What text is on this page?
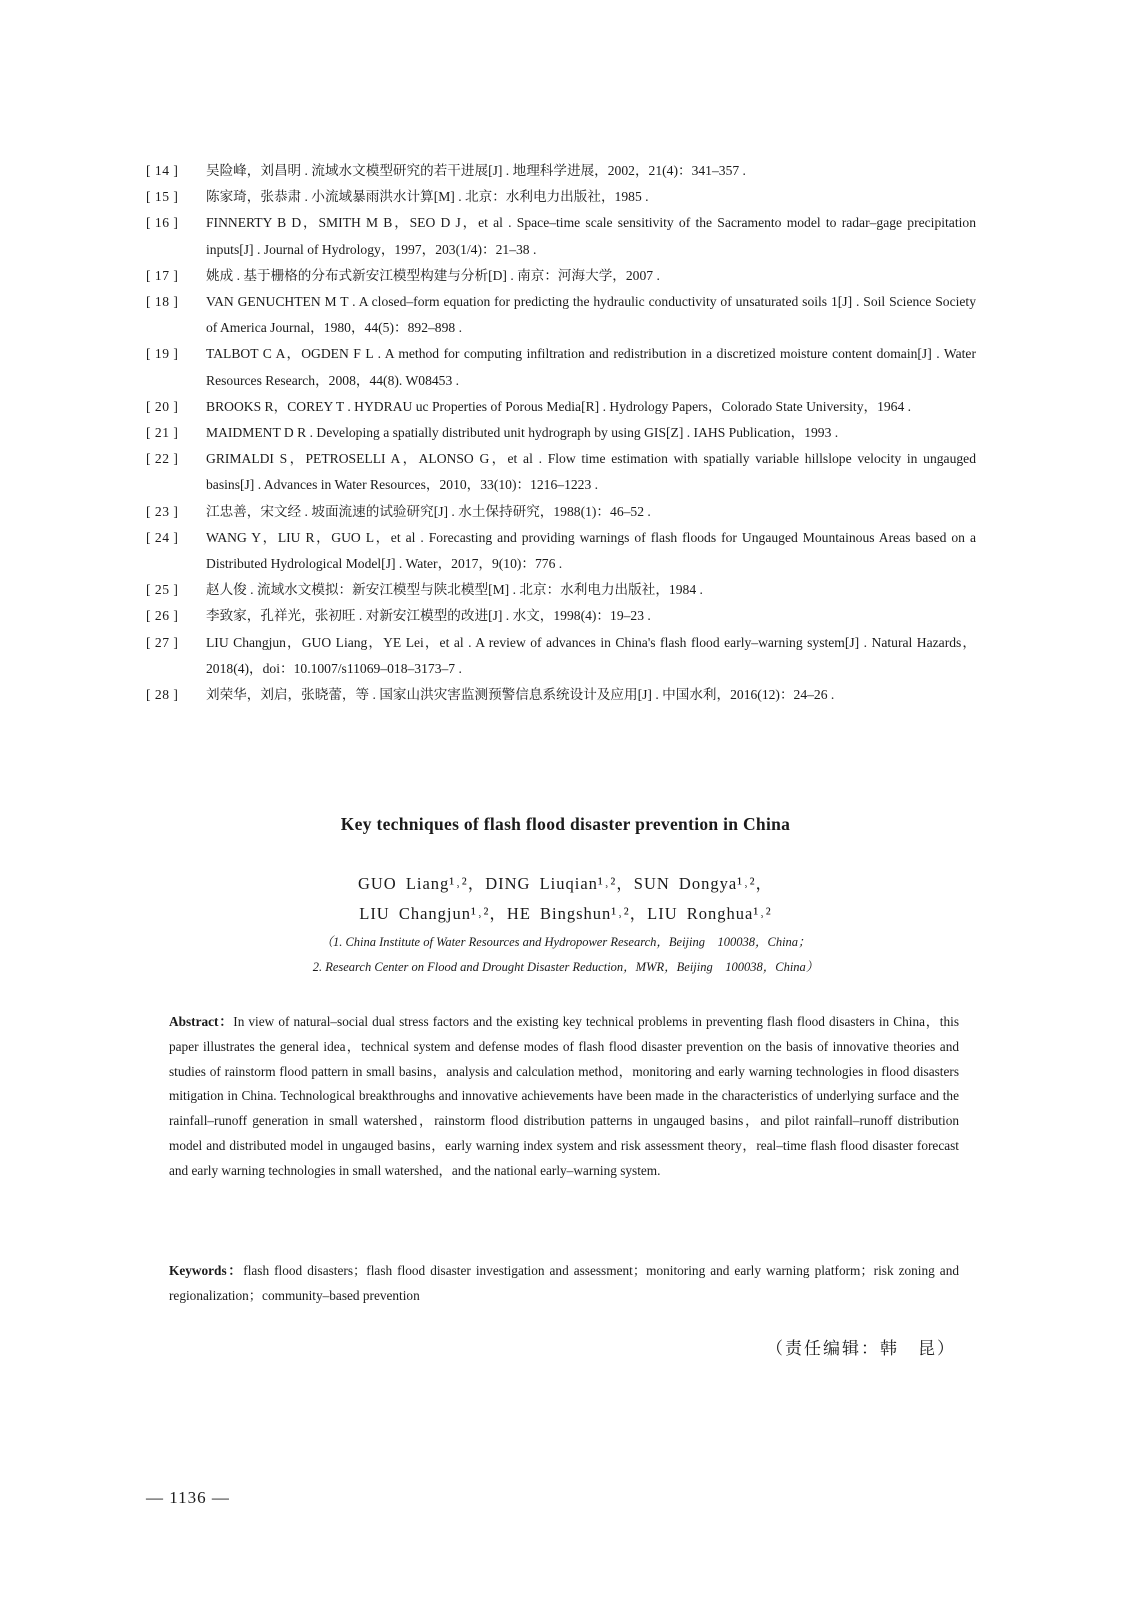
[ 14 ]	吴险峰，刘昌明 . 流域水文模型研究的若干进展[J] . 地理科学进展，2002，21(4)：341–357 .
[ 15 ]	陈家琦，张恭肃 . 小流域暴雨洪水计算[M] . 北京：水利电力出版社，1985 .
[ 16 ]	FINNERTY B D，SMITH M B，SEO D J，et al . Space–time scale sensitivity of the Sacramento model to radar–gage precipitation inputs[J] . Journal of Hydrology，1997，203(1/4)：21–38 .
[ 17 ]	姚成 . 基于栅格的分布式新安江模型构建与分析[D] . 南京：河海大学，2007 .
[ 18 ]	VAN GENUCHTEN M T . A closed–form equation for predicting the hydraulic conductivity of unsaturated soils 1[J] . Soil Science Society of America Journal，1980，44(5)：892–898 .
[ 19 ]	TALBOT C A，OGDEN F L . A method for computing infiltration and redistribution in a discretized moisture content domain[J] . Water Resources Research，2008，44(8). W08453 .
[ 20 ]	BROOKS R，COREY T . HYDRAU uc Properties of Porous Media[R] . Hydrology Papers，Colorado State University，1964 .
[ 21 ]	MAIDMENT D R . Developing a spatially distributed unit hydrograph by using GIS[Z] . IAHS Publication，1993 .
[ 22 ]	GRIMALDI S，PETROSELLI A，ALONSO G，et al . Flow time estimation with spatially variable hillslope velocity in ungauged basins[J] . Advances in Water Resources，2010，33(10)：1216–1223 .
[ 23 ]	江忠善，宋文经 . 坡面流速的试验研究[J] . 水土保持研究，1988(1)：46–52 .
[ 24 ]	WANG Y，LIU R，GUO L，et al . Forecasting and providing warnings of flash floods for Ungauged Mountainous Areas based on a Distributed Hydrological Model[J] . Water，2017，9(10)：776 .
[ 25 ]	赵人俊 . 流域水文模拟：新安江模型与陕北模型[M] . 北京：水利电力出版社，1984 .
[ 26 ]	李致家，孔祥光，张初旺 . 对新安江模型的改进[J] . 水文，1998(4)：19–23 .
[ 27 ]	LIU Changjun，GUO Liang，YE Lei，et al . A review of advances in China's flash flood early–warning system[J] . Natural Hazards，2018(4)，doi：10.1007/s11069–018–3173–7 .
[ 28 ]	刘荣华，刘启，张晓蕾，等 . 国家山洪灾害监测预警信息系统设计及应用[J] . 中国水利，2016(12)：24–26 .
Key techniques of flash flood disaster prevention in China
GUO Liang¹˒²，DING Liuqian¹˒²，SUN Dongya¹˒²，
LIU Changjun¹˒²，HE Bingshun¹˒²，LIU Ronghua¹˒²
（1. China Institute of Water Resources and Hydropower Research，Beijing　100038，China；
2. Research Center on Flood and Drought Disaster Reduction，MWR，Beijing　100038，China）
Abstract：In view of natural–social dual stress factors and the existing key technical problems in preventing flash flood disasters in China，this paper illustrates the general idea，technical system and defense modes of flash flood disaster prevention on the basis of innovative theories and studies of rainstorm flood pattern in small basins，analysis and calculation method，monitoring and early warning technologies in flood disasters mitigation in China. Technological breakthroughs and innovative achievements have been made in the characteristics of underlying surface and the rainfall–runoff generation in small watershed，rainstorm flood distribution patterns in ungauged basins，and pilot rainfall–runoff distribution model and distributed model in ungauged basins，early warning index system and risk assessment theory，real–time flash flood disaster forecast and early warning technologies in small watershed，and the national early–warning system.
Keywords：flash flood disasters；flash flood disaster investigation and assessment；monitoring and early warning platform；risk zoning and regionalization；community–based prevention
（责任编辑：韩　昆）
— 1136 —
